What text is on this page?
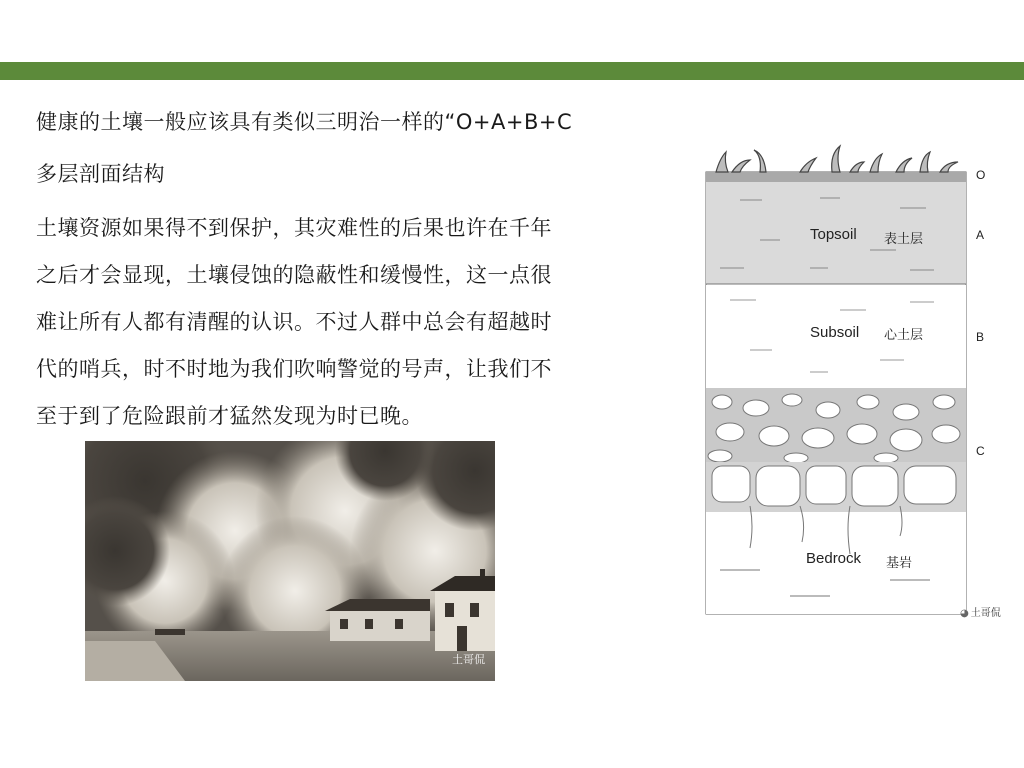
健康的土壤一般应该具有类似三明治一样的“O+A+B+C
多层剖面结构
土壤资源如果得不到保护，其灾难性的后果也许在千年
之后才会显现，土壤侵蚀的隐蔽性和缓慢性，这一点很
难让所有人都有清醒的认识。不过人群中总会有超越时
代的哨兵，时不时地为我们吹响警觉的号声，让我们不
至于到了危险跟前才猛然发现为时已晚。
土哥侃
Topsoil 表土层
Subsoil 心土层
Bedrock 基岩
O
A
B
C
◕ 土哥侃
